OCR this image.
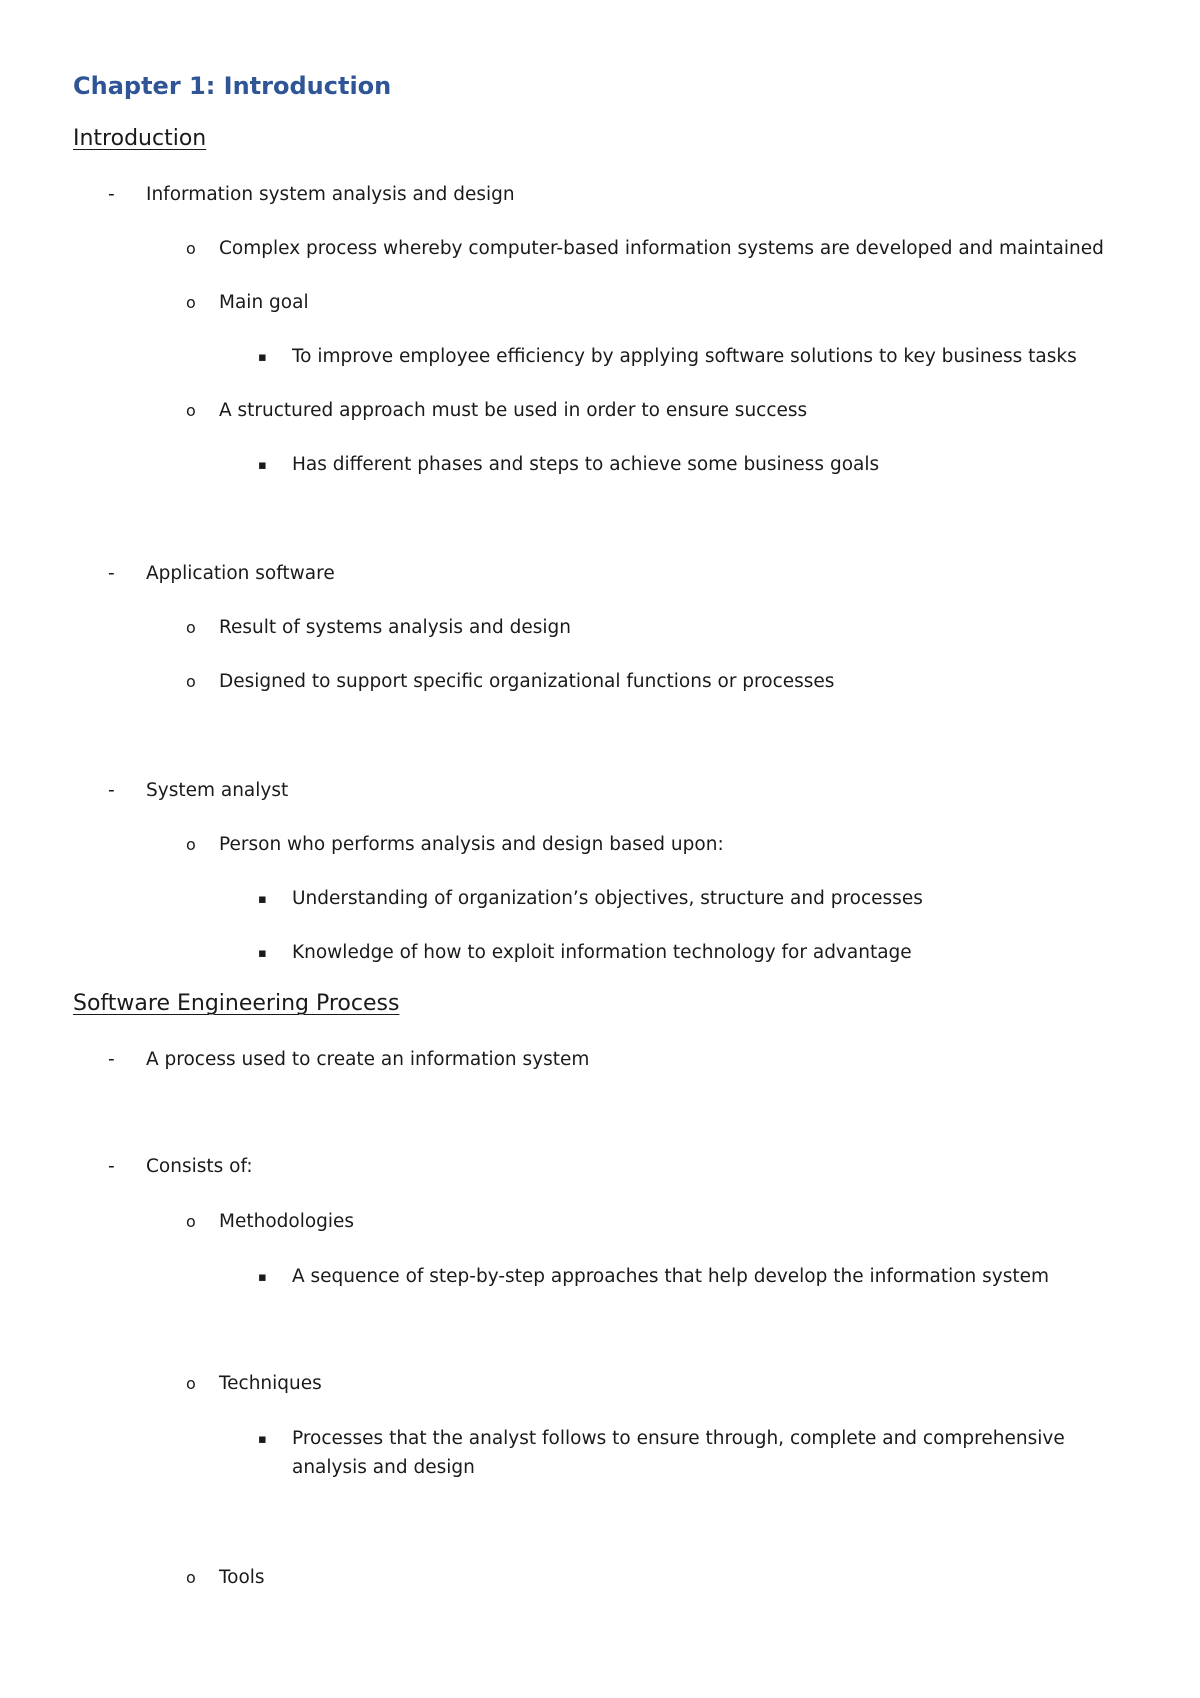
Chapter 1: Introduction
Introduction
-	Information system analysis and design
o	Complex process whereby computer-based information systems are developed and maintained
o	Main goal
▪	To improve employee efficiency by applying software solutions to key business tasks
o	A structured approach must be used in order to ensure success
▪	Has different phases and steps to achieve some business goals
-	Application software
o	Result of systems analysis and design
o	Designed to support specific organizational functions or processes
-	System analyst
o	Person who performs analysis and design based upon:
▪	Understanding of organization’s objectives, structure and processes
▪	Knowledge of how to exploit information technology for advantage
Software Engineering Process
-	A process used to create an information system
-	Consists of:
o	Methodologies
▪	A sequence of step-by-step approaches that help develop the information system
o	Techniques
▪	Processes that the analyst follows to ensure through, complete and comprehensive analysis and design
o	Tools
